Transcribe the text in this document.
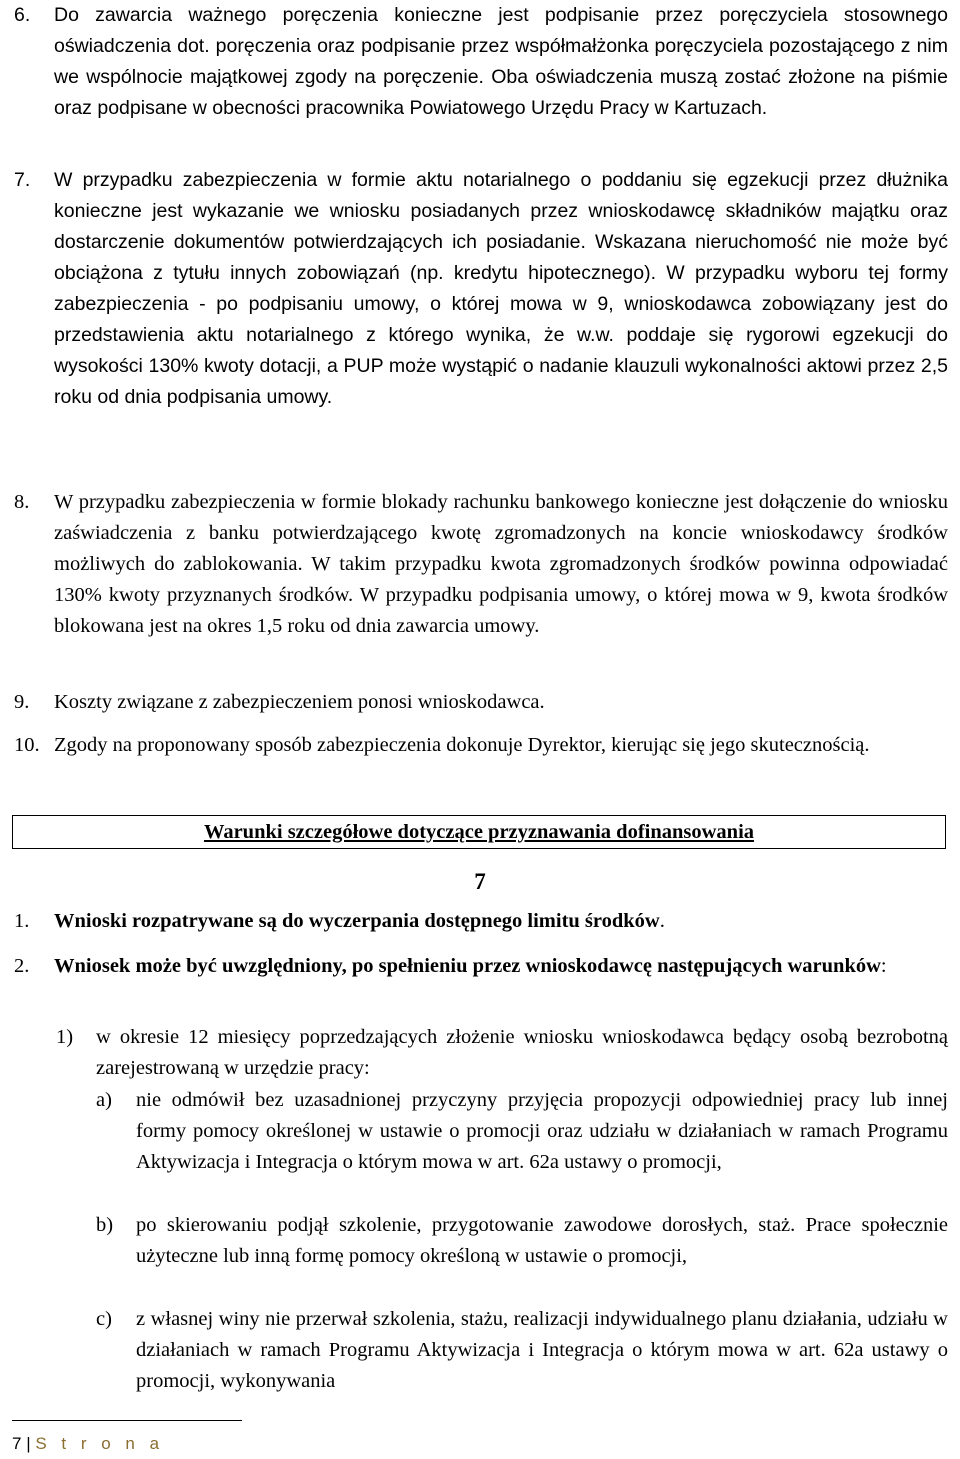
6. Do zawarcia ważnego poręczenia konieczne jest podpisanie przez poręczyciela stosownego oświadczenia dot. poręczenia oraz podpisanie przez współmałżonka poręczyciela pozostającego z nim we wspólnocie majątkowej zgody na poręczenie. Oba oświadczenia muszą zostać złożone na piśmie oraz podpisane w obecności pracownika Powiatowego Urzędu Pracy w Kartuzach.
7. W przypadku zabezpieczenia w formie aktu notarialnego o poddaniu się egzekucji przez dłużnika konieczne jest wykazanie we wniosku posiadanych przez wnioskodawcę składników majątku oraz dostarczenie dokumentów potwierdzających ich posiadanie. Wskazana nieruchomość nie może być obciążona z tytułu innych zobowiązań (np. kredytu hipotecznego). W przypadku wyboru tej formy zabezpieczenia - po podpisaniu umowy, o której mowa w 9, wnioskodawca zobowiązany jest do przedstawienia aktu notarialnego z którego wynika, że w.w. poddaje się rygorowi egzekucji do wysokości 130% kwoty dotacji, a PUP może wystąpić o nadanie klauzuli wykonalności aktowi przez 2,5 roku od dnia podpisania umowy.
8. W przypadku zabezpieczenia w formie blokady rachunku bankowego konieczne jest dołączenie do wniosku zaświadczenia z banku potwierdzającego kwotę zgromadzonych na koncie wnioskodawcy środków możliwych do zablokowania. W takim przypadku kwota zgromadzonych środków powinna odpowiadać 130% kwoty przyznanych środków. W przypadku podpisania umowy, o której mowa w 9, kwota środków blokowana jest na okres 1,5 roku od dnia zawarcia umowy.
9. Koszty związane z zabezpieczeniem ponosi wnioskodawca.
10. Zgody na proponowany sposób zabezpieczenia dokonuje Dyrektor, kierując się jego skutecznością.
Warunki szczegółowe dotyczące przyznawania dofinansowania
7
1. Wnioski rozpatrywane są do wyczerpania dostępnego limitu środków.
2. Wniosek może być uwzględniony, po spełnieniu przez wnioskodawcę następujących warunków:
1) w okresie 12 miesięcy poprzedzających złożenie wniosku wnioskodawca będący osobą bezrobotną zarejestrowaną w urzędzie pracy:
a) nie odmówił bez uzasadnionej przyczyny przyjęcia propozycji odpowiedniej pracy lub innej formy pomocy określonej w ustawie o promocji oraz udziału w działaniach w ramach Programu Aktywizacja i Integracja o którym mowa w art. 62a ustawy o promocji,
b) po skierowaniu podjął szkolenie, przygotowanie zawodowe dorosłych, staż. Prace społecznie użyteczne lub inną formę pomocy określoną w ustawie o promocji,
c) z własnej winy nie przerwał szkolenia, stażu, realizacji indywidualnego planu działania, udziału w działaniach w ramach Programu Aktywizacja i Integracja o którym mowa w art. 62a ustawy o promocji, wykonywania
7 | S t r o n a
